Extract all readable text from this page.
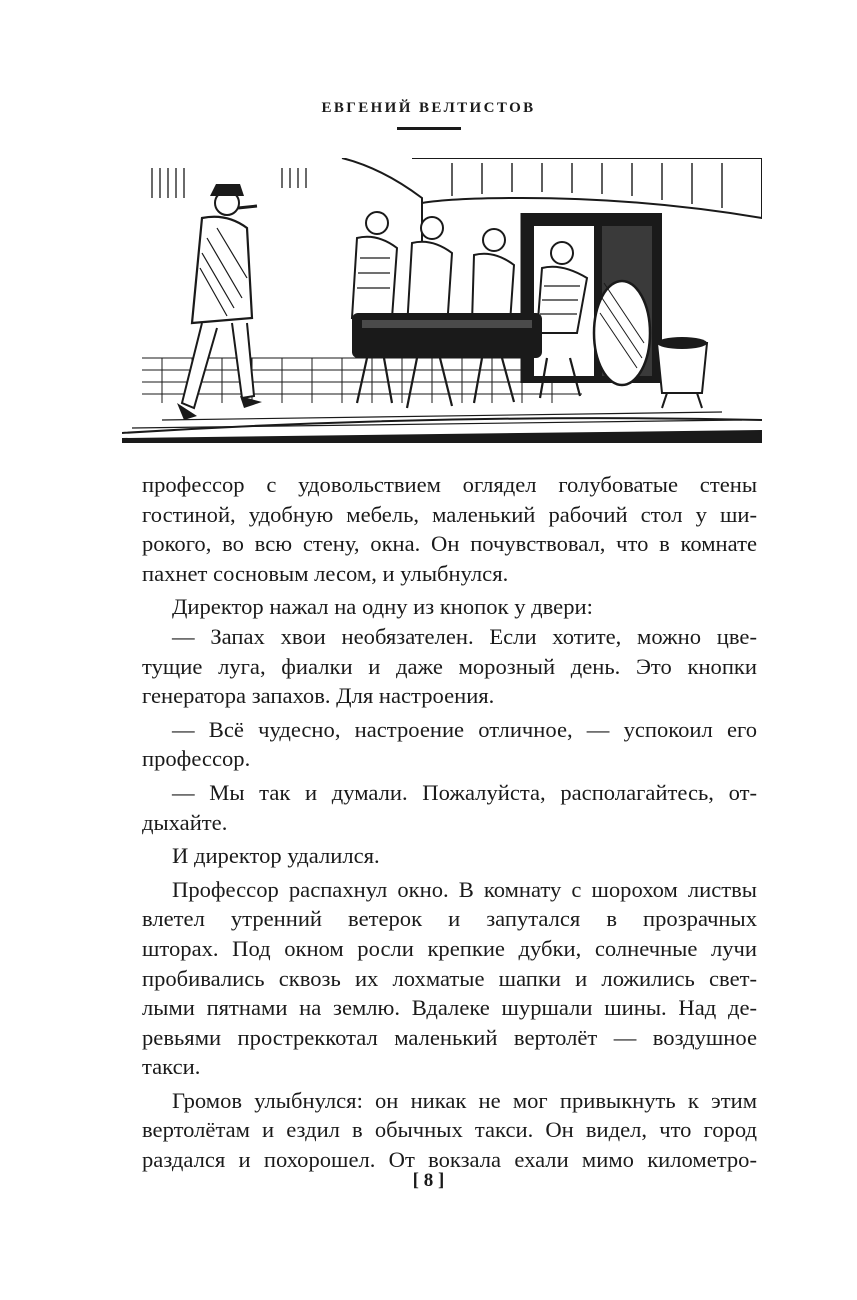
ЕВГЕНИЙ ВЕЛТИСТОВ
профессор с удовольствием оглядел голубоватые стены
гостиной, удобную мебель, маленький рабочий стол у ши-
рокого, во всю стену, окна. Он почувствовал, что в комнате
пахнет сосновым лесом, и улыбнулся.
Директор нажал на одну из кнопок у двери:
— Запах хвои необязателен. Если хотите, можно цве-
тущие луга, фиалки и даже морозный день. Это кнопки
генератора запахов. Для настроения.
— Всё чудесно, настроение отличное, — успокоил его
профессор.
— Мы так и думали. Пожалуйста, располагайтесь, от-
дыхайте.
И директор удалился.
Профессор распахнул окно. В комнату с шорохом листвы
влетел утренний ветерок и запутался в прозрачных
шторах. Под окном росли крепкие дубки, солнечные лучи
пробивались сквозь их лохматые шапки и ложились свет-
лыми пятнами на землю. Вдалеке шуршали шины. Над де-
ревьями простреккотал маленький вертолёт — воздушное
такси.
Громов улыбнулся: он никак не мог привыкнуть к этим
вертолётам и ездил в обычных такси. Он видел, что город
раздался и похорошел. От вокзала ехали мимо километро-
[ 8 ]
